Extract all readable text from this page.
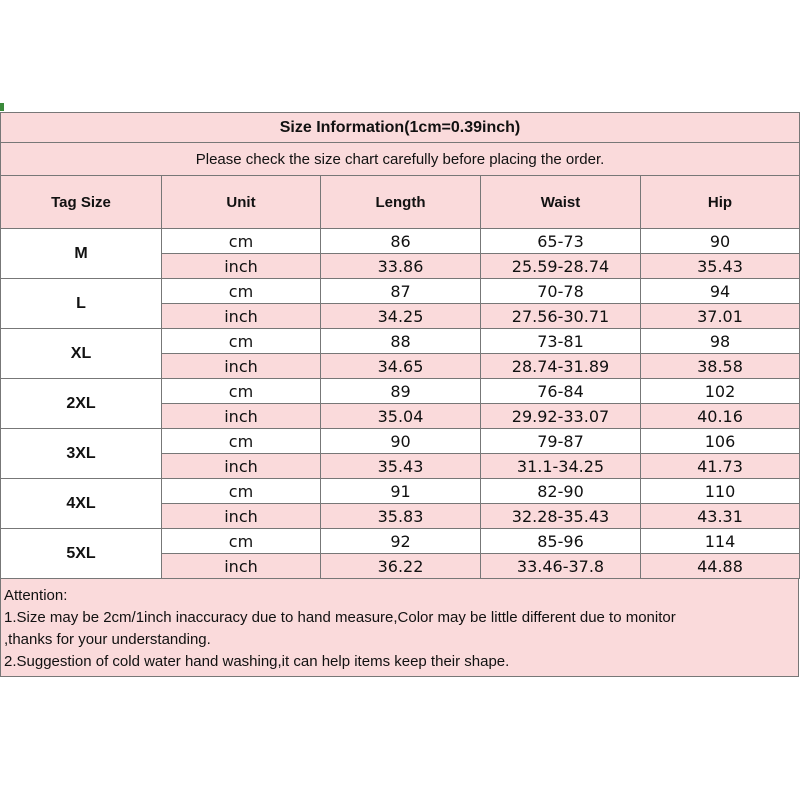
Size Information(1cm=0.39inch)				
Please check the size chart carefully before placing the order.				
Tag Size	Unit	Length	Waist	Hip
M	cm	86	65-73	90
	inch	33.86	25.59-28.74	35.43
L	cm	87	70-78	94
	inch	34.25	27.56-30.71	37.01
XL	cm	88	73-81	98
	inch	34.65	28.74-31.89	38.58
2XL	cm	89	76-84	102
	inch	35.04	29.92-33.07	40.16
3XL	cm	90	79-87	106
	inch	35.43	31.1-34.25	41.73
4XL	cm	91	82-90	110
	inch	35.83	32.28-35.43	43.31
5XL	cm	92	85-96	114
	inch	36.22	33.46-37.8	44.88
Attention:
1.Size may be 2cm/1inch inaccuracy due to hand measure,Color may be little different due to monitor
,thanks for your understanding.
2.Suggestion of cold water hand washing,it can help items keep their shape.
